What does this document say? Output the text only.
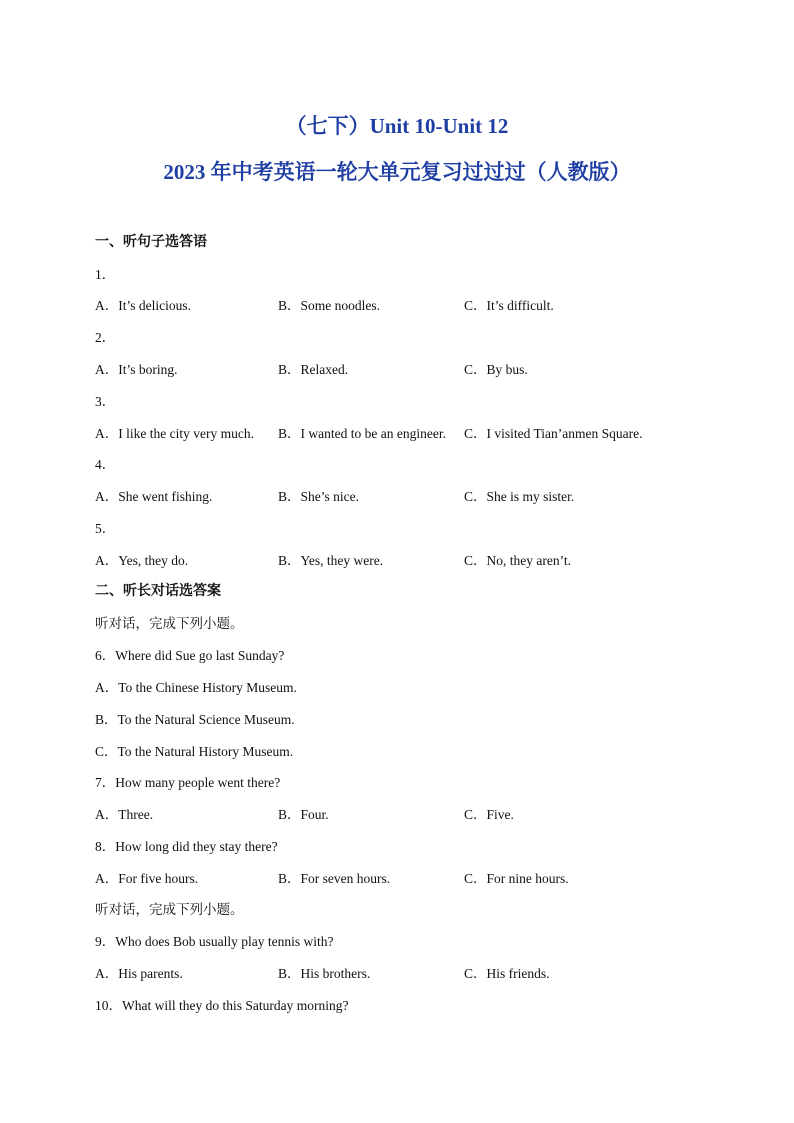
（七下）Unit 10-Unit 12
2023 年中考英语一轮大单元复习过过过（人教版）
一、听句子选答语
1．
A．It’s delicious.	B．Some noodles.	C．It’s difficult.
2．
A．It’s boring.	B．Relaxed.	C．By bus.
3．
A．I like the city very much. B．I wanted to be an engineer. C．I visited Tian’anmen Square.
4．
A．She went fishing.	B．She’s nice.	C．She is my sister.
5．
A．Yes, they do.	B．Yes, they were.	C．No, they aren’t.
二、听长对话选答案
听对话，完成下列小题。
6．Where did Sue go last Sunday?
A．To the Chinese History Museum.
B．To the Natural Science Museum.
C．To the Natural History Museum.
7．How many people went there?
A．Three.	B．Four.	C．Five.
8．How long did they stay there?
A．For five hours.	B．For seven hours.	C．For nine hours.
听对话，完成下列小题。
9．Who does Bob usually play tennis with?
A．His parents.	B．His brothers.	C．His friends.
10．What will they do this Saturday morning?
